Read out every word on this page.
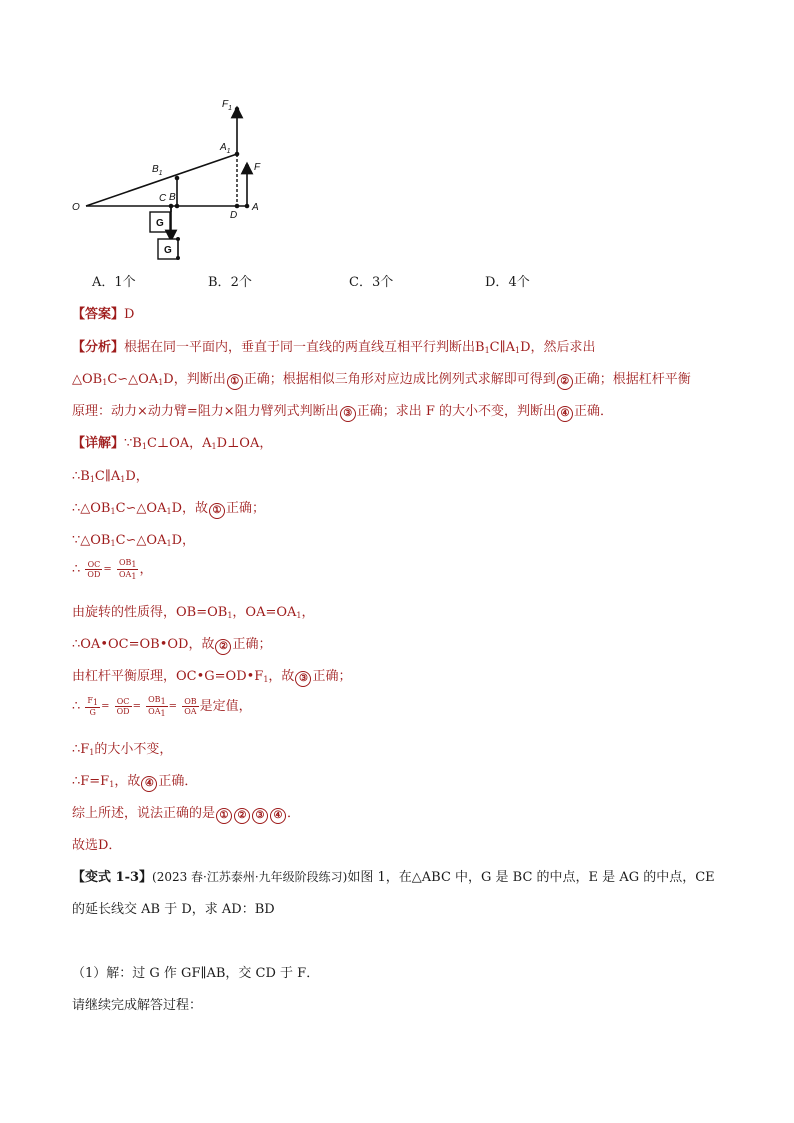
$F_1$
$A_1$
F
$B_1$
O
C B
D
A
G
G
A．1个	B．2个	C．3个	D．4个
【答案】D
【分析】根据在同一平面内，垂直于同一直线的两直线互相平行判断出$B_1C\parallel A_1D$，然后求出
$\triangle OB_1C∽\triangle OA_1D$，判断出 ① 正确；根据相似三角形对应边成比例列式求解即可得到 ② 正确；根据杠杆平衡
原理：动力×动力臂=阻力×阻力臂列式判断出 ③ 正确；求出 F 的大小不变，判断出 ④ 正确．
【详解】$\because B_1C\perp OA$，$A_1D\perp OA$，
$\therefore B_1C\parallel A_1D$，
$\therefore\triangle OB_1C∽\triangle OA_1D$，故 ① 正确；
$\because\triangle OB_1C∽\triangle OA_1D$，
∴ $\frac{OC}{OD} = \frac{OB_1}{OA_1}$ ，
由旋转的性质得，$OB=OB_1$，$OA=OA_1$，
∴OA•OC=OB•OD，故 ② 正确；
由杠杆平衡原理，$OC•G=OD•F_1$，故 ③ 正确；
∴ $\frac{F_1}{G} = \frac{OC}{OD} = \frac{OB_1}{OA_1} = \frac{OB}{OA}$ 是定值，
$\therefore F_1$的大小不变，
$\therefore F=F_1$，故 ④ 正确．
综上所述，说法正确的是 ① ② ③ ④ ．
故选D．
【变式 1-3】(2023 春·江苏泰州·九年级阶段练习)如图 1，在△ABC 中，G 是 BC 的中点，E 是 AG 的中点，CE
的延长线交 AB 于 D，求 AD：BD
（1）解：过 G 作 GF∥AB，交 CD 于 F．
请继续完成解答过程：
